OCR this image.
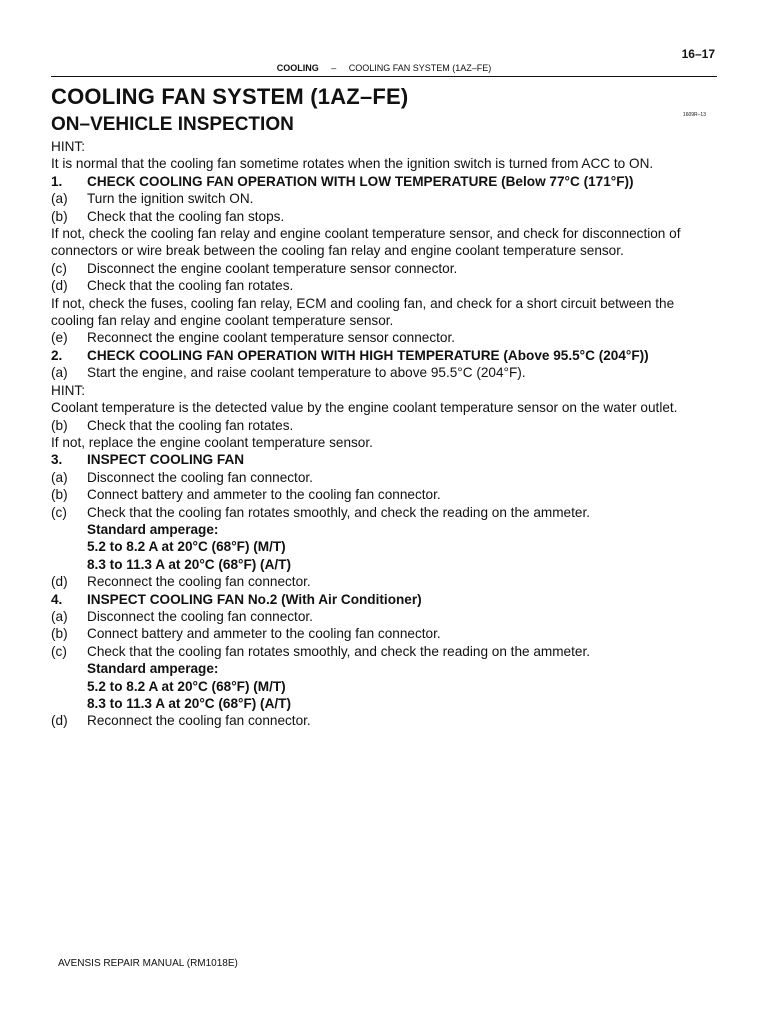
16–17
COOLING – COOLING FAN SYSTEM (1AZ–FE)
COOLING FAN SYSTEM (1AZ–FE)
ON–VEHICLE INSPECTION	1609R–13
HINT:
It is normal that the cooling fan sometime rotates when the ignition switch is turned from ACC to ON.
1.	CHECK COOLING FAN OPERATION WITH LOW TEMPERATURE (Below 77°C (171°F))
(a)	Turn the ignition switch ON.
(b)	Check that the cooling fan stops.
If not, check the cooling fan relay and engine coolant temperature sensor, and check for disconnection of connectors or wire break between the cooling fan relay and engine coolant temperature sensor.
(c)	Disconnect the engine coolant temperature sensor connector.
(d)	Check that the cooling fan rotates.
If not, check the fuses, cooling fan relay, ECM and cooling fan, and check for a short circuit between the cooling fan relay and engine coolant temperature sensor.
(e)	Reconnect the engine coolant temperature sensor connector.
2.	CHECK COOLING FAN OPERATION WITH HIGH TEMPERATURE (Above 95.5°C (204°F))
(a)	Start the engine, and raise coolant temperature to above 95.5°C (204°F).
HINT:
Coolant temperature is the detected value by the engine coolant temperature sensor on the water outlet.
(b)	Check that the cooling fan rotates.
If not, replace the engine coolant temperature sensor.
3.	INSPECT COOLING FAN
(a)	Disconnect the cooling fan connector.
(b)	Connect battery and ammeter to the cooling fan connector.
(c)	Check that the cooling fan rotates smoothly, and check the reading on the ammeter.
Standard amperage:
5.2 to 8.2 A at 20°C (68°F) (M/T)
8.3 to 11.3 A at 20°C (68°F) (A/T)
(d)	Reconnect the cooling fan connector.
4.	INSPECT COOLING FAN No.2 (With Air Conditioner)
(a)	Disconnect the cooling fan connector.
(b)	Connect battery and ammeter to the cooling fan connector.
(c)	Check that the cooling fan rotates smoothly, and check the reading on the ammeter.
Standard amperage:
5.2 to 8.2 A at 20°C (68°F) (M/T)
8.3 to 11.3 A at 20°C (68°F) (A/T)
(d)	Reconnect the cooling fan connector.
AVENSIS REPAIR MANUAL (RM1018E)
